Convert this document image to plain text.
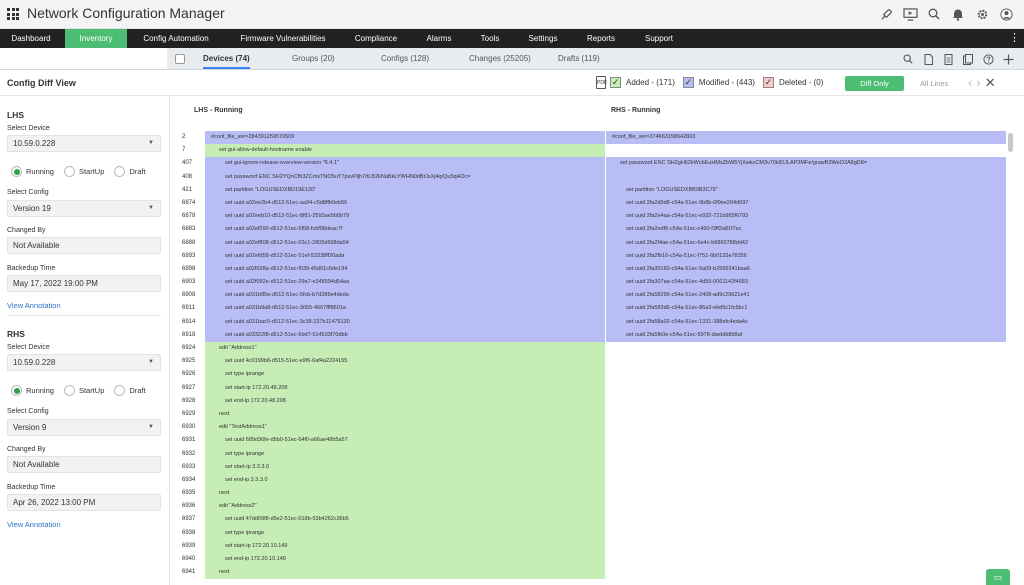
Network Configuration Manager
Dashboard	Inventory	Config Automation	Firmware Vulnerabilities	Compliance	Alarms	Tools	Settings	Reports	Support	⋮
Devices (74)	Groups (20)	Configs (128)	Changes (25205)	Drafts (119)
Config Diff View	PDF ✓ Added - (171) ✓ Modified - (443) ✓ Deleted - (0)	Diff Only	All Lines ‹ › ✕
LHS
Select Device
10.59.0.228	▼
Running	StartUp	Draft
Select Config
Version 19	▼
Changed By
Not Available
Backedup Time
May 17, 2022 19:00 PM
View Annotation
RHS
Select Device
10.59.0.228	▼
Running	StartUp	Draft
Select Config
Version 9	▼
Changed By
Not Available
Backedup Time
Apr 26, 2022 13:00 PM
View Annotation
LHS - Running	RHS - Running
2	#conf_file_ver=284391259570509	#conf_file_ver=274663158642803
7	set gui-allow-default-hostname enable
407	set gui-ignore-release-overview-version "6.4.1"	set password ENC SH2gH62kWcbEuHMsZbW5YjXwkcCM3v70kIDJLAP3MFe/grawB3WeO2A8gD8=
408	set password ENC SH2YQnCfh3ZCmvTNO5uY7psvPijh7/tLB2kNaBkLYWHN0dBtJsXj4q/Qu5qAOc=
421	set partition "LOGUSEDXBD19E120"	set partition "LOGUSEDXBB0B3C79"
6874	set uuid a02ee2b4-d512-51ec-aa94-c5d8ffb0eb56	set uuid 2fa2d9d8-c54a-51ec-9b8b-0f9ee204d097
6878	set uuid a02eeb10-d512-51ec-8f81-2593ae5b5b79	set uuid 2fa2e4aa-c54a-51ec-e932-721b965f6793
6883	set uuid a02ef290-d512-51ec-5f58-fcbf98deac7f	set uuid 2fa2edf6-c54a-51ec-c450-f3ff2a81f7ec
6888	set uuid a02ef808-d512-51ec-03c1-2805d698da54	set uuid 2fa2f4ae-c54a-51ec-6e4c-b6860788dd42
6893	set uuid a02efd58-d512-51ec-51ef-53338ff20ada	set uuid 2fa2fb16-c54a-51ec-f751-6b0133e78356
6898	set uuid a02f028a-d512-51ec-f039-45d61c6de194	set uuid 2fa30160-c54a-51ec-5a09-b2566241baa6
6903	set uuid a02f092e-d512-51ec-29a7-e348594d54aa	set uuid 2fa307aa-c54a-51ec-4d59-0061142f4683
6908	set uuid a031b85e-d512-51ec-5fcb-b7d286e4deda	set uuid 2fa58296-c54a-51ec-2408-ad9c29621e41
6911	set uuid a031b9a8-d512-51ec-3055-4667fff8601a	set uuid 2fa583d6-c54a-51ec-86a3-ebd5c1fc5bc1
6914	set uuid a031bac0-d512-51ec-3c38-237b11479130	set uuid 2fa58a02-c54a-51ec-1331-388efc4eda4c
6918	set uuid a03322f8-d512-51ec-6bd7-514533f70dbb	set uuid 2fa5fb0e-c54a-51ec-5978-daeb8dfd9af
6924	edit "Address1"
6925	set uuid 4c0199b8-d515-51ec-e9f6-6af4a2224155
6926	set type iprange
6927	set start-ip 172.20.48.208
6928	set end-ip 172.20.48.208
6929	next
6930	edit "TestAddress1"
6931	set uuid 689d36fe-d5b0-51ec-64f0-a66ae48b5a57
6932	set type iprange
6933	set start-ip 3.3.3.0
6934	set end-ip 3.3.3.0
6935	next
6936	edit "Address2"
6937	set uuid 47dd09f8-d5e2-51ec-018b-53b4262c36b5
6938	set type iprange
6939	set start-ip 172.20.10.149
6940	set end-ip 172.20.10.149
6941	next	▭
